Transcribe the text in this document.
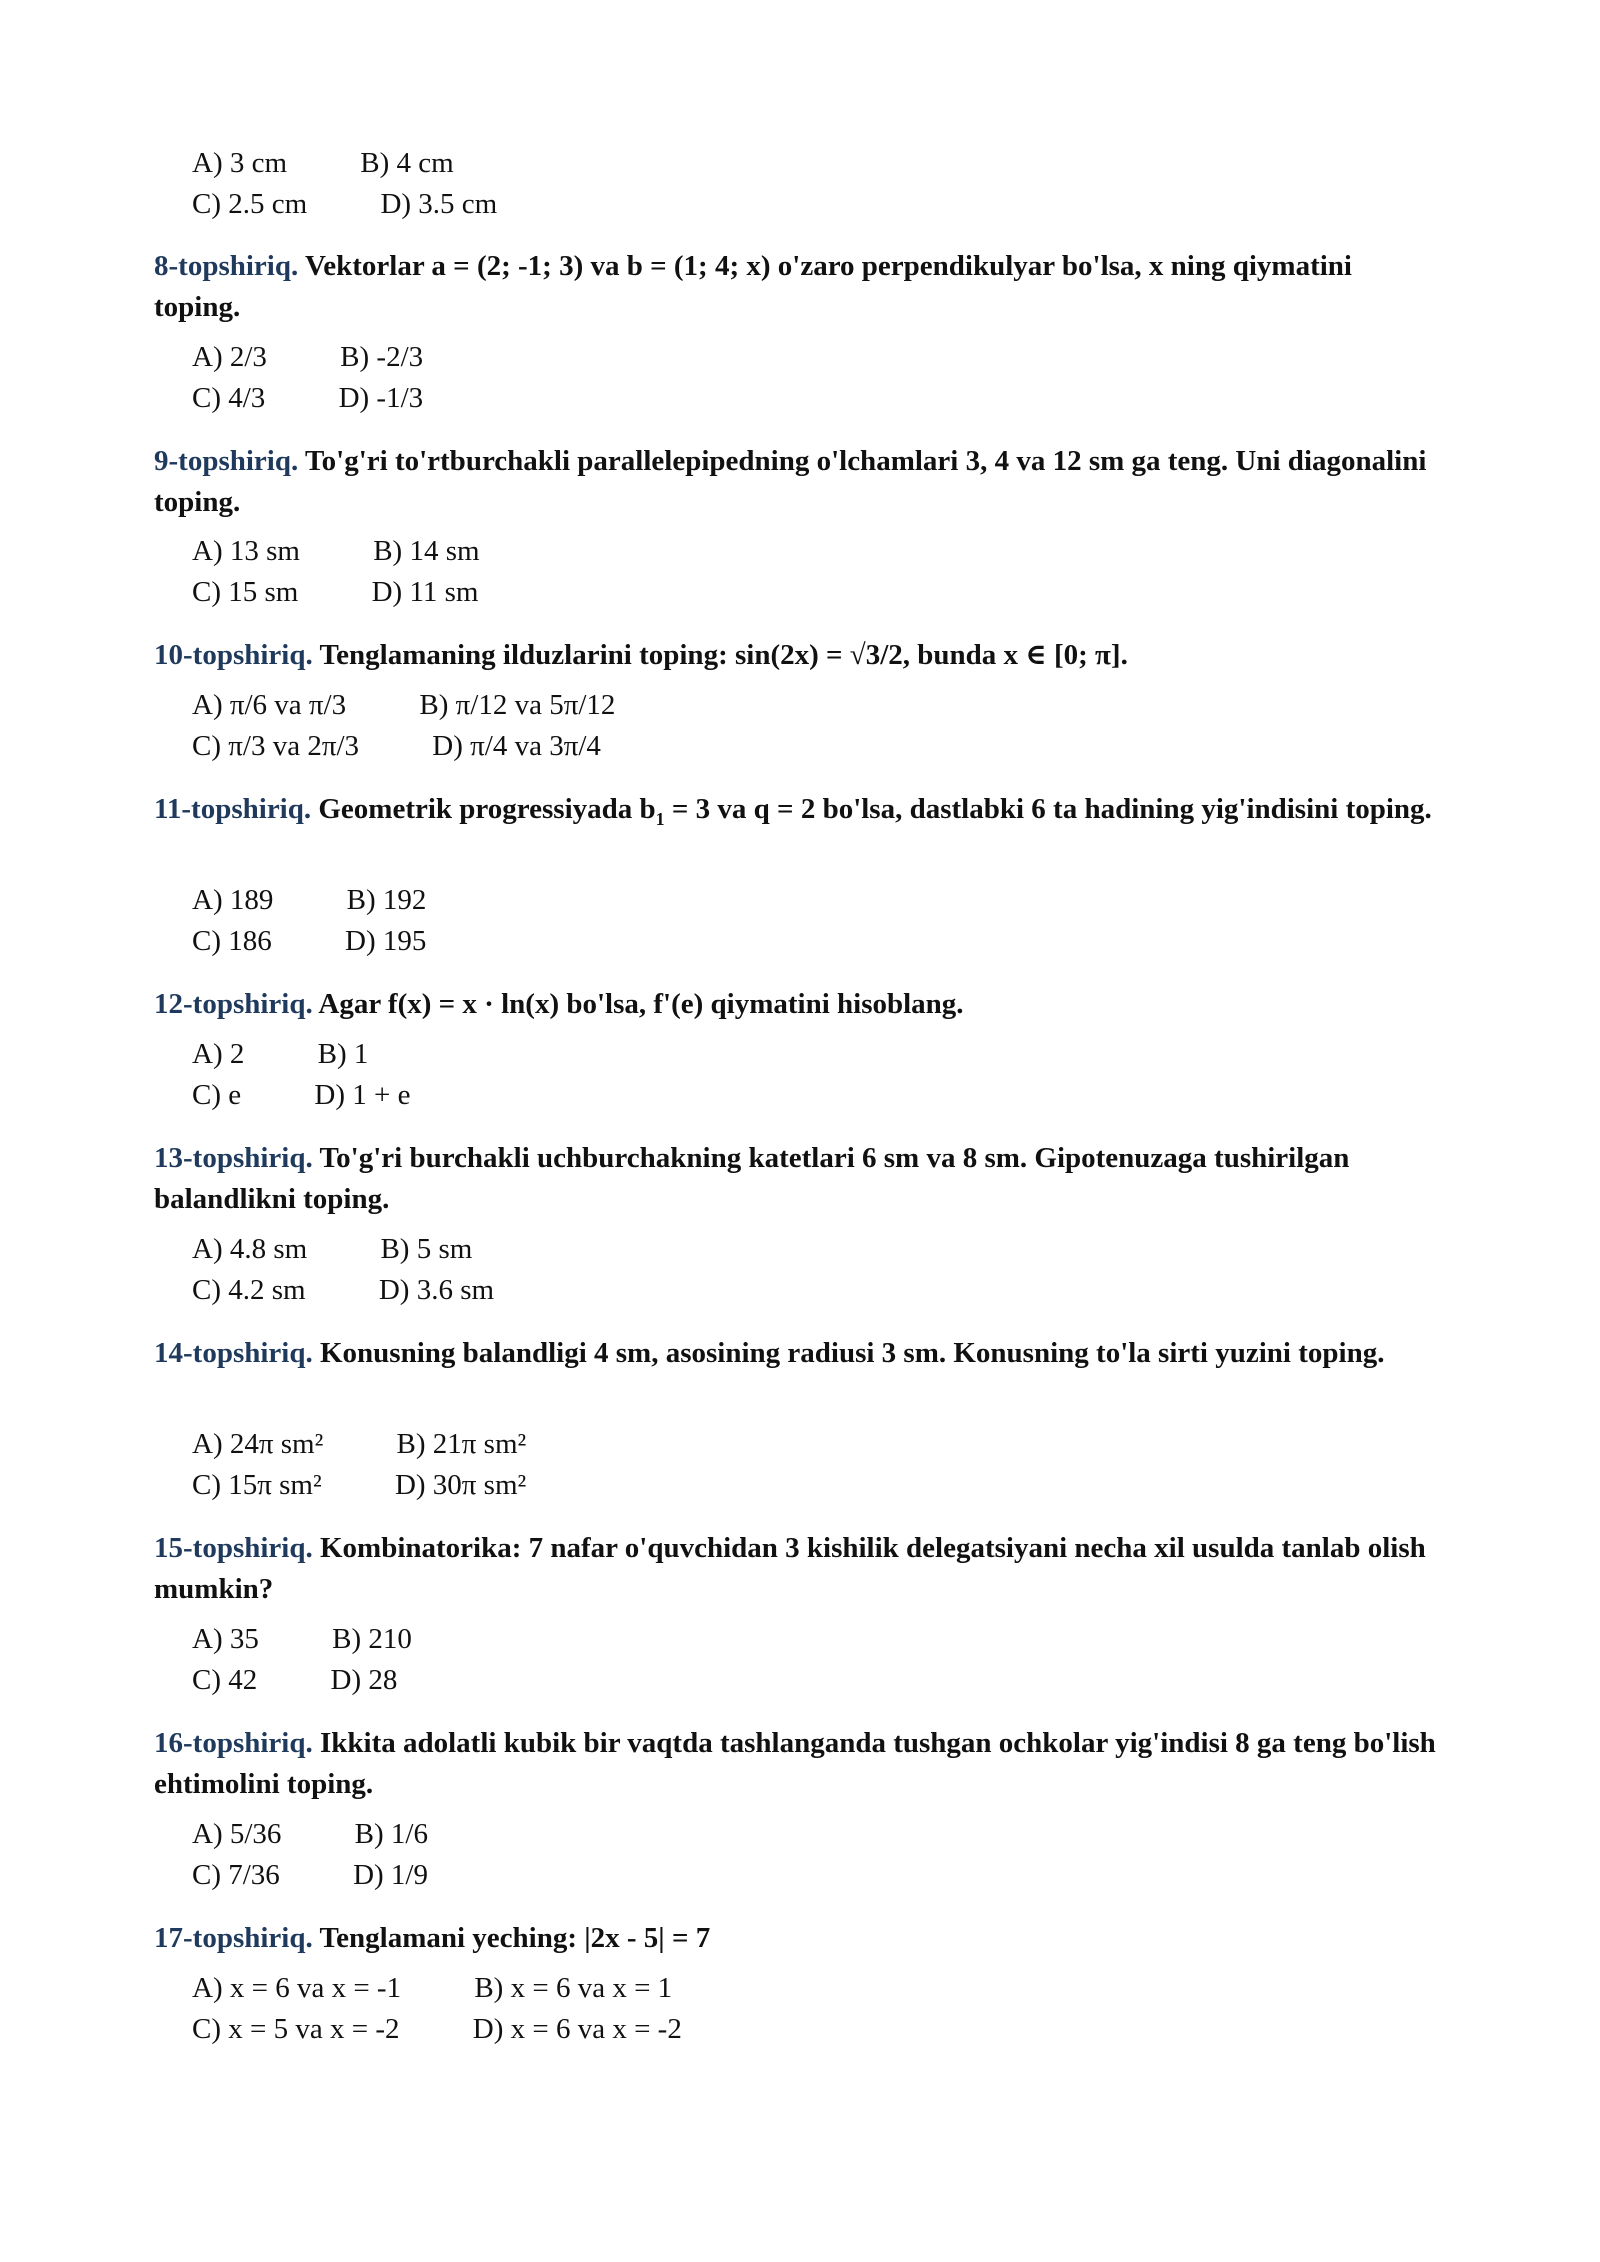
A) 3 cm	B) 4 cm
C) 2.5 cm	D) 3.5 cm
8-topshiriq. Vektorlar a = (2; -1; 3) va b = (1; 4; x) o'zaro perpendikulyar bo'lsa, x ning qiymatini toping.
A) 2/3	B) -2/3
C) 4/3	D) -1/3
9-topshiriq. To'g'ri to'rtburchakli parallelepipedning o'lchamlari 3, 4 va 12 sm ga teng. Uni diagonalini toping.
A) 13 sm	B) 14 sm
C) 15 sm	D) 11 sm
10-topshiriq. Tenglamaning ilduzlarini toping: sin(2x) = √3/2, bunda x ∈ [0; π].
A) π/6 va π/3	B) π/12 va 5π/12
C) π/3 va 2π/3	D) π/4 va 3π/4
11-topshiriq. Geometrik progressiyada $b_1 = 3$ va q = 2 bo'lsa, dastlabki 6 ta hadining yig'indisini toping.
A) 189	B) 192
C) 186	D) 195
12-topshiriq. Agar f(x) = x · ln(x) bo'lsa, f'(e) qiymatini hisoblang.
A) 2	B) 1
C) e	D) 1 + e
13-topshiriq. To'g'ri burchakli uchburchakning katetlari 6 sm va 8 sm. Gipotenuzaga tushirilgan balandlikni toping.
A) 4.8 sm	B) 5 sm
C) 4.2 sm	D) 3.6 sm
14-topshiriq. Konusning balandligi 4 sm, asosining radiusi 3 sm. Konusning to'la sirti yuzini toping.
A) 24π sm²	B) 21π sm²
C) 15π sm²	D) 30π sm²
15-topshiriq. Kombinatorika: 7 nafar o'quvchidan 3 kishilik delegatsiyani necha xil usulda tanlab olish mumkin?
A) 35	B) 210
C) 42	D) 28
16-topshiriq. Ikkita adolatli kubik bir vaqtda tashlanganda tushgan ochkolar yig'indisi 8 ga teng bo'lish ehtimolini toping.
A) 5/36	B) 1/6
C) 7/36	D) 1/9
17-topshiriq. Tenglamani yeching: |2x - 5| = 7
A) x = 6 va x = -1	B) x = 6 va x = 1
C) x = 5 va x = -2	D) x = 6 va x = -2
